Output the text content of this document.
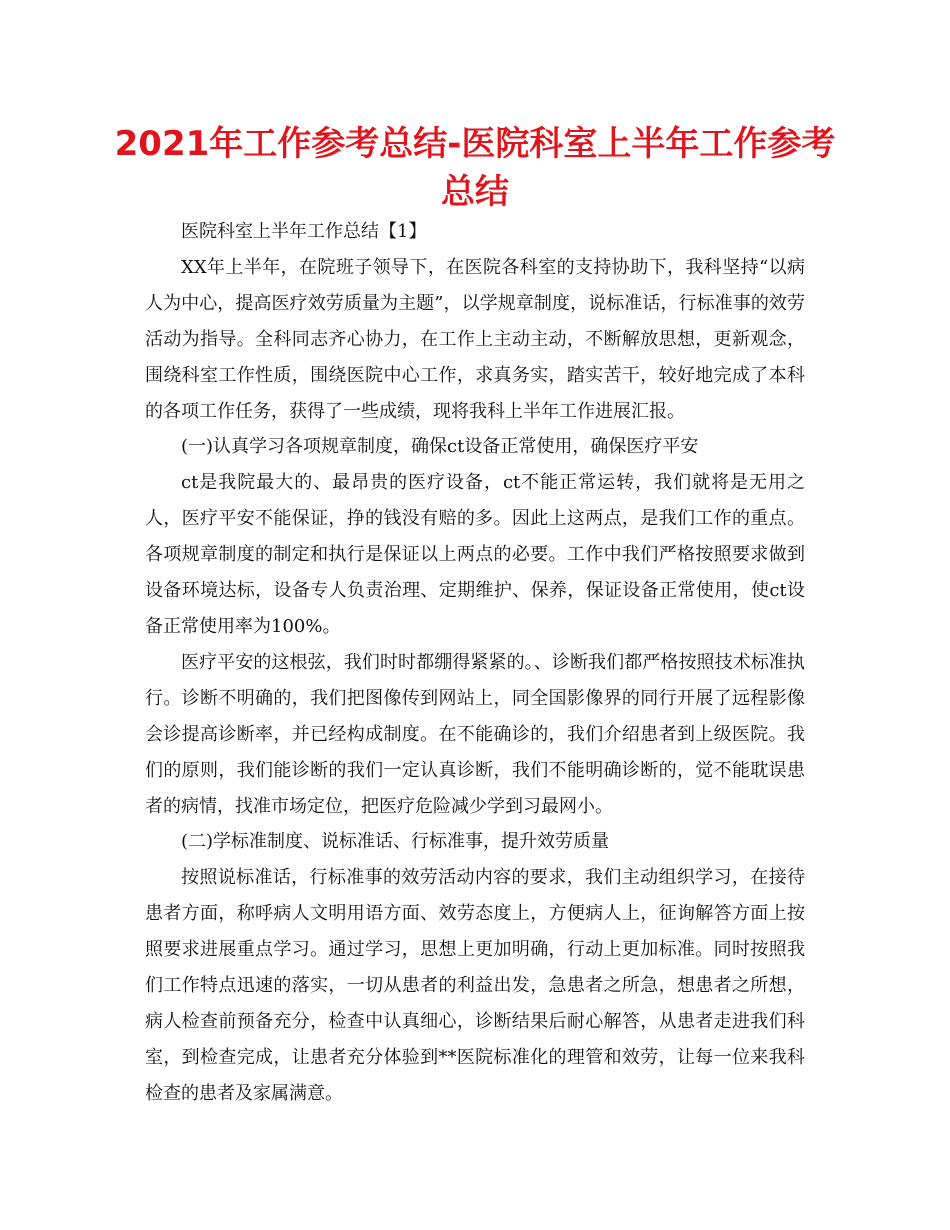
2021年工作参考总结-医院科室上半年工作参考总结

医院科室上半年工作总结【1】

XX年上半年，在院班子领导下，在医院各科室的支持协助下，我科坚持“以病人为中心，提高医疗效劳质量为主题”，以学规章制度，说标准话，行标准事的效劳活动为指导。全科同志齐心协力，在工作上主动主动，不断解放思想，更新观念，围绕科室工作性质，围绕医院中心工作，求真务实，踏实苦干，较好地完成了本科的各项工作任务，获得了一些成绩，现将我科上半年工作进展汇报。

(一)认真学习各项规章制度，确保ct设备正常使用，确保医疗平安

ct是我院最大的、最昂贵的医疗设备，ct不能正常运转，我们就将是无用之人，医疗平安不能保证，挣的钱没有赔的多。因此上这两点，是我们工作的重点。各项规章制度的制定和执行是保证以上两点的必要。工作中我们严格按照要求做到设备环境达标，设备专人负责治理、定期维护、保养，保证设备正常使用，使ct设备正常使用率为100%。

医疗平安的这根弦，我们时时都绷得紧紧的。、诊断我们都严格按照技术标准执行。诊断不明确的，我们把图像传到网站上，同全国影像界的同行开展了远程影像会诊提高诊断率，并已经构成制度。在不能确诊的，我们介绍患者到上级医院。我们的原则，我们能诊断的我们一定认真诊断，我们不能明确诊断的，觉不能耽误患者的病情，找准市场定位，把医疗危险减少学到习最网小。

(二)学标准制度、说标准话、行标准事，提升效劳质量

按照说标准话，行标准事的效劳活动内容的要求，我们主动组织学习，在接待患者方面，称呼病人文明用语方面、效劳态度上，方便病人上，征询解答方面上按照要求进展重点学习。通过学习，思想上更加明确，行动上更加标准。同时按照我们工作特点迅速的落实，一切从患者的利益出发，急患者之所急，想患者之所想，病人检查前预备充分，检查中认真细心，诊断结果后耐心解答，从患者走进我们科室，到检查完成，让患者充分体验到**医院标准化的理管和效劳，让每一位来我科检查的患者及家属满意。
